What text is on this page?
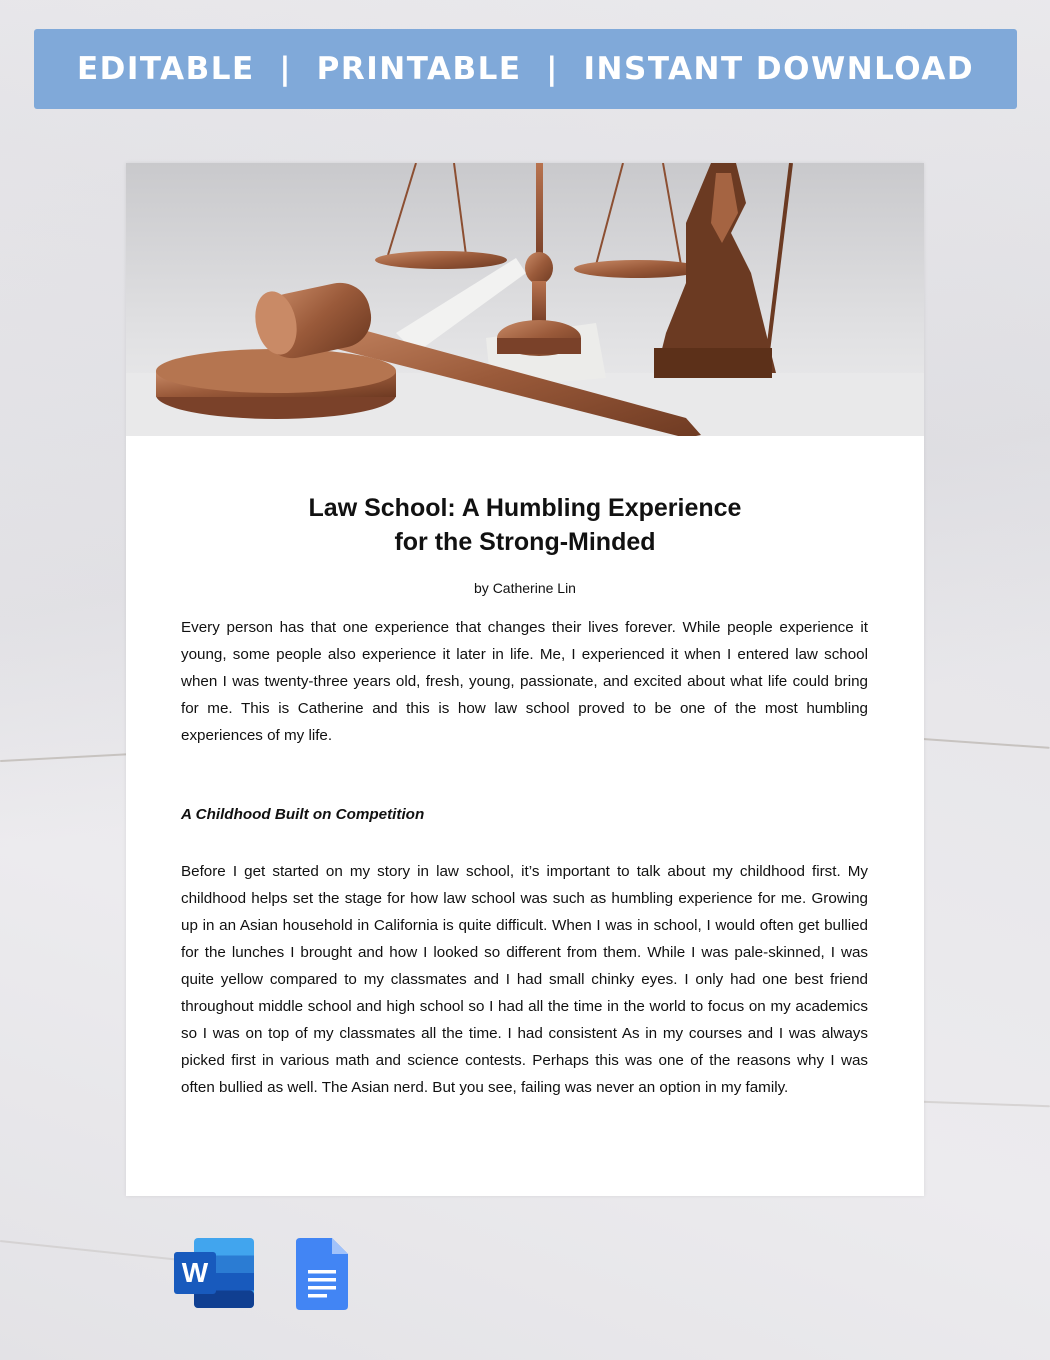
EDITABLE  |  PRINTABLE  |  INSTANT DOWNLOAD
Law School: A Humbling Experience
for the Strong-Minded
by Catherine Lin

Every person has that one experience that changes their lives forever. While people experience it young, some people also experience it later in life. Me, I experienced it when I entered law school when I was twenty-three years old, fresh, young, passionate, and excited about what life could bring for me. This is Catherine and this is how law school proved to be one of the most humbling experiences of my life.

A Childhood Built on Competition

Before I get started on my story in law school, it’s important to talk about my childhood first. My childhood helps set the stage for how law school was such as humbling experience for me. Growing up in an Asian household in California is quite difficult. When I was in school, I would often get bullied for the lunches I brought and how I looked so different from them. While I was pale-skinned, I was quite yellow compared to my classmates and I had small chinky eyes. I only had one best friend throughout middle school and high school so I had all the time in the world to focus on my academics so I was on top of my classmates all the time. I had consistent As in my courses and I was always picked first in various math and science contests. Perhaps this was one of the reasons why I was often bullied as well. The Asian nerd. But you see, failing was never an option in my family.

W
